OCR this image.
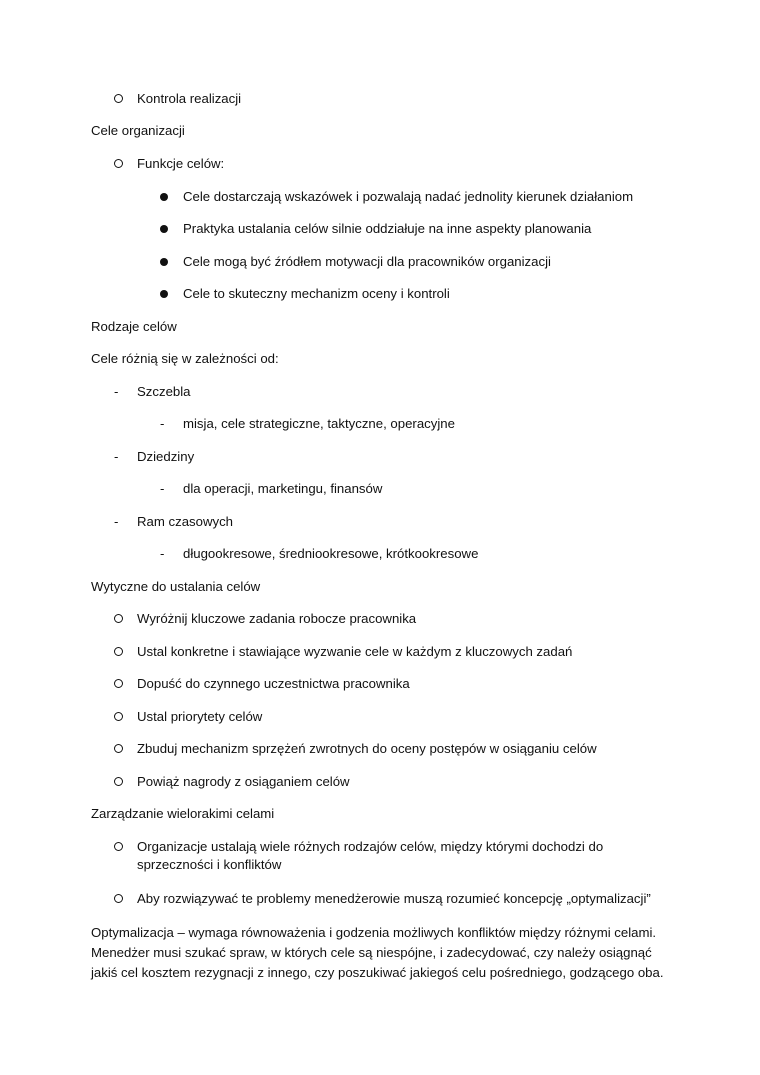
Kontrola realizacji
Cele organizacji
Funkcje celów:
Cele dostarczają wskazówek i pozwalają nadać jednolity kierunek działaniom
Praktyka ustalania celów silnie oddziałuje na inne aspekty planowania
Cele mogą być źródłem motywacji dla pracowników organizacji
Cele to skuteczny mechanizm oceny i kontroli
Rodzaje celów
Cele różnią się w zależności od:
- Szczebla
- misja, cele strategiczne, taktyczne, operacyjne
- Dziedziny
- dla operacji, marketingu, finansów
- Ram czasowych
- długookresowe, średniookresowe, krótkookresowe
Wytyczne do ustalania celów
Wyróżnij kluczowe zadania robocze pracownika
Ustal konkretne i stawiające wyzwanie cele w każdym z kluczowych zadań
Dopuść do czynnego uczestnictwa pracownika
Ustal priorytety celów
Zbuduj mechanizm sprzężeń zwrotnych do oceny postępów w osiąganiu celów
Powiąż nagrody z osiąganiem celów
Zarządzanie wielorakimi celami
Organizacje ustalają wiele różnych rodzajów celów, między którymi dochodzi do sprzeczności i konfliktów
Aby rozwiązywać te problemy menedżerowie muszą rozumieć koncepcję „optymalizacji”
Optymalizacja – wymaga równoważenia i godzenia możliwych konfliktów między różnymi celami. Menedżer musi szukać spraw, w których cele są niespójne, i zadecydować, czy należy osiągnąć jakiś cel kosztem rezygnacji z innego, czy poszukiwać jakiegoś celu pośredniego, godzącego oba.
